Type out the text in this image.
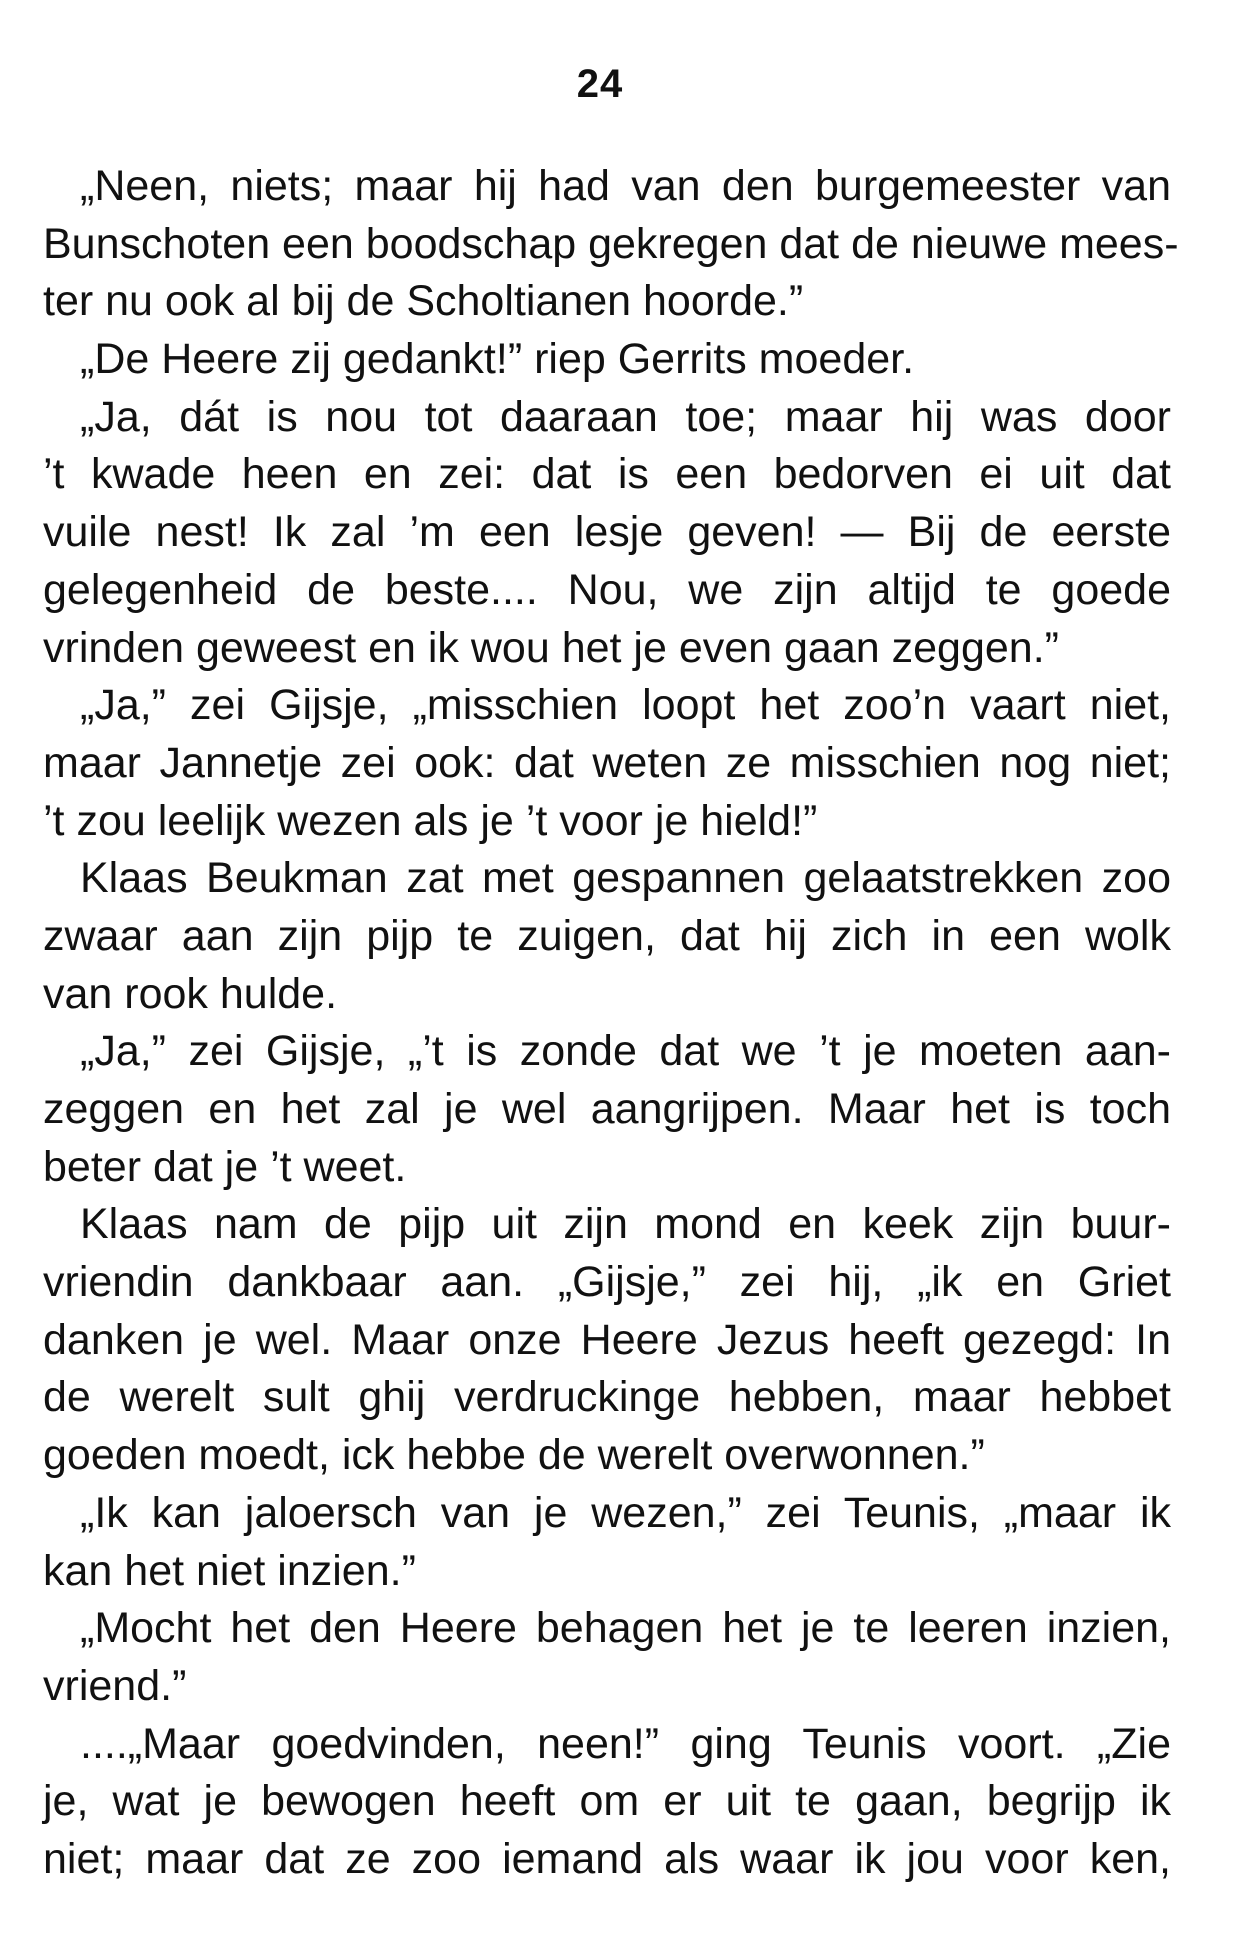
24
„Neen, niets; maar hij had van den burgemeester van
Bunschoten een boodschap gekregen dat de nieuwe mees-
ter nu ook al bij de Scholtianen hoorde.”
„De Heere zij gedankt!” riep Gerrits moeder.
„Ja, dát is nou tot daaraan toe; maar hij was door
’t kwade heen en zei: dat is een bedorven ei uit dat
vuile nest! Ik zal ’m een lesje geven! — Bij de eerste
gelegenheid de beste.... Nou, we zijn altijd te goede
vrinden geweest en ik wou het je even gaan zeggen.”
„Ja,” zei Gijsje, „misschien loopt het zoo’n vaart niet,
maar Jannetje zei ook: dat weten ze misschien nog niet;
’t zou leelijk wezen als je ’t voor je hield!”
Klaas Beukman zat met gespannen gelaatstrekken zoo
zwaar aan zijn pijp te zuigen, dat hij zich in een wolk
van rook hulde.
„Ja,” zei Gijsje, „’t is zonde dat we ’t je moeten aan-
zeggen en het zal je wel aangrijpen. Maar het is toch
beter dat je ’t weet.
Klaas nam de pijp uit zijn mond en keek zijn buur-
vriendin dankbaar aan. „Gijsje,” zei hij, „ik en Griet
danken je wel. Maar onze Heere Jezus heeft gezegd: In
de werelt sult ghij verdruckinge hebben, maar hebbet
goeden moedt, ick hebbe de werelt overwonnen.”
„Ik kan jaloersch van je wezen,” zei Teunis, „maar ik
kan het niet inzien.”
„Mocht het den Heere behagen het je te leeren inzien,
vriend.”
....„Maar goedvinden, neen!” ging Teunis voort. „Zie
je, wat je bewogen heeft om er uit te gaan, begrijp ik
niet; maar dat ze zoo iemand als waar ik jou voor ken,
